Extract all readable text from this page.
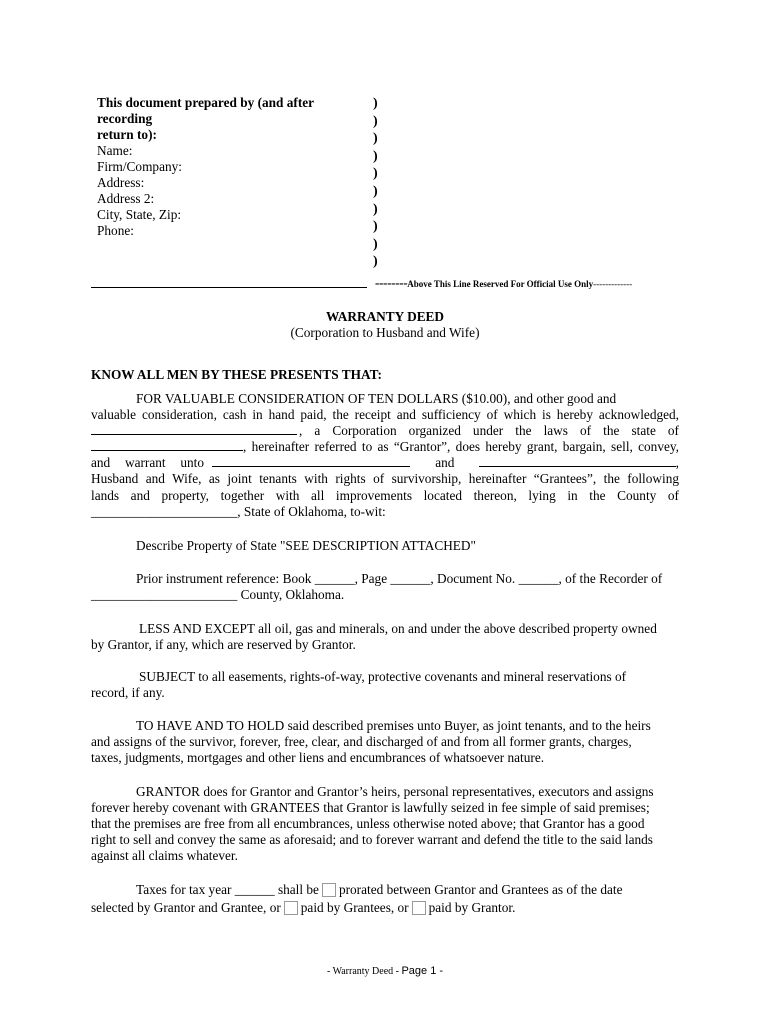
This document prepared by (and after recording
return to):
Name:
Firm/Company:
Address:
Address 2:
City, State, Zip:
Phone:
)
)
)
)
)
)
)
)
)
)
--------Above This Line Reserved For Official Use Only-------------
WARRANTY DEED
(Corporation to Husband and Wife)
KNOW ALL MEN BY THESE PRESENTS THAT:
FOR VALUABLE CONSIDERATION OF TEN DOLLARS ($10.00), and other good and
valuable consideration, cash in hand paid, the receipt and sufficiency of which is hereby acknowledged,
, a Corporation organized under the laws of the state of
, hereinafter referred to as “Grantor”, does hereby grant, bargain, sell, convey,
and warrant unto	and	,
Husband and Wife, as joint tenants with rights of survivorship, hereinafter “Grantees”, the following
lands and property, together with all improvements located thereon, lying in the County of
______________________, State of Oklahoma, to-wit:
Describe Property of State "SEE DESCRIPTION ATTACHED"
Prior instrument reference: Book ______, Page ______, Document No. ______, of the Recorder of
______________________ County, Oklahoma.
LESS AND EXCEPT all oil, gas and minerals, on and under the above described property owned
by Grantor, if any, which are reserved by Grantor.
SUBJECT to all easements, rights-of-way, protective covenants and mineral reservations of
record, if any.
TO HAVE AND TO HOLD said described premises unto Buyer, as joint tenants, and to the heirs
and assigns of the survivor, forever, free, clear, and discharged of and from all former grants, charges,
taxes, judgments, mortgages and other liens and encumbrances of whatsoever nature.
GRANTOR does for Grantor and Grantor’s heirs, personal representatives, executors and assigns
forever hereby covenant with GRANTEES that Grantor is lawfully seized in fee simple of said premises;
that the premises are free from all encumbrances, unless otherwise noted above; that Grantor has a good
right to sell and convey the same as aforesaid; and to forever warrant and defend the title to the said lands
against all claims whatever.
Taxes for tax year ______ shall be prorated between Grantor and Grantees as of the date
selected by Grantor and Grantee, or paid by Grantees, or paid by Grantor.
- Warranty Deed - Page 1 -
